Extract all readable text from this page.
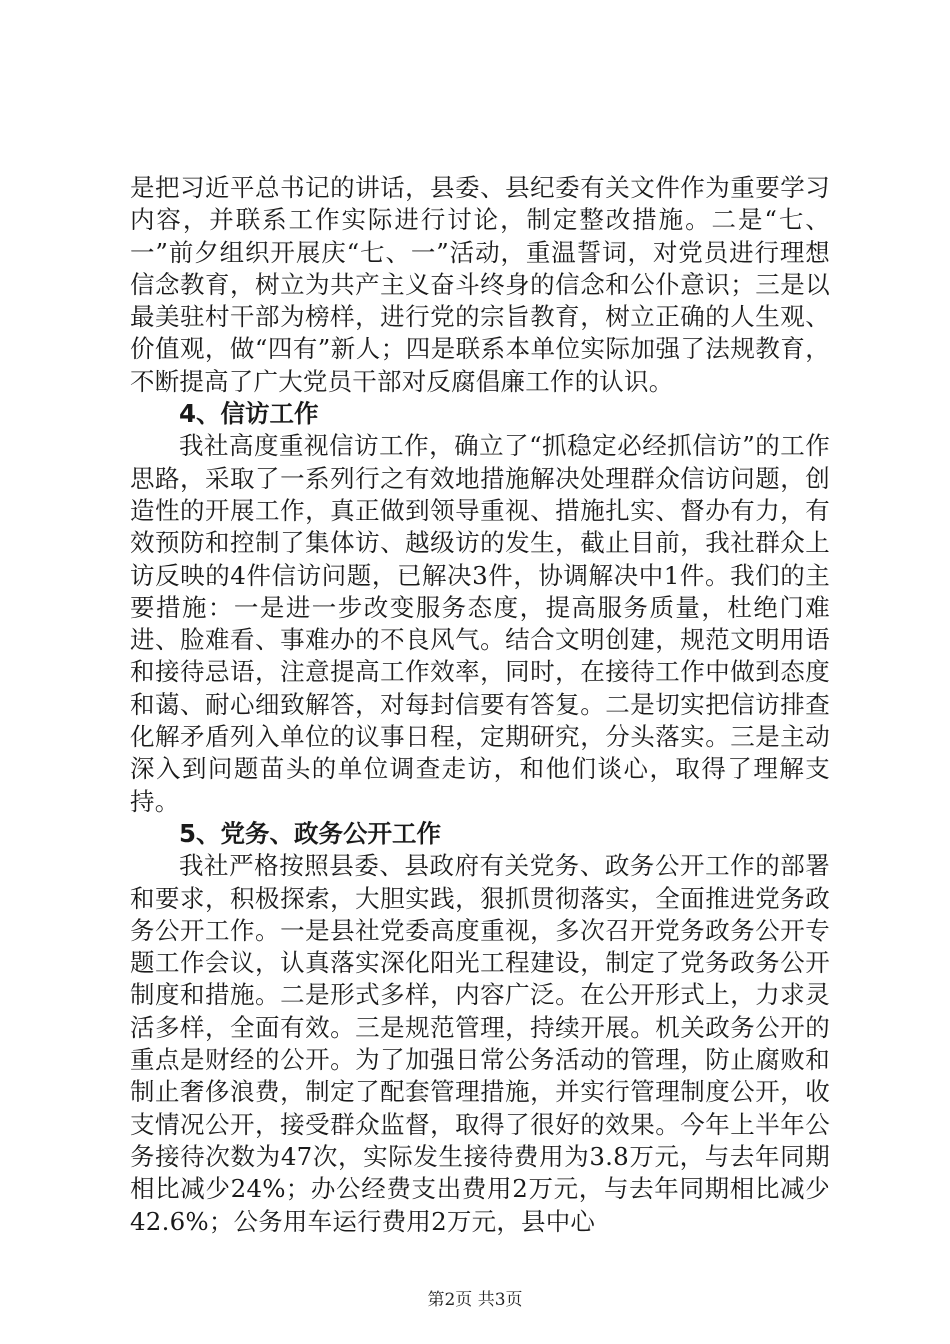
是把习近平总书记的讲话，县委、县纪委有关文件作为重要学习内容，并联系工作实际进行讨论，制定整改措施。二是“七、一”前夕组织开展庆“七、一”活动，重温誓词，对党员进行理想信念教育，树立为共产主义奋斗终身的信念和公仆意识；三是以最美驻村干部为榜样，进行党的宗旨教育，树立正确的人生观、价值观，做“四有”新人；四是联系本单位实际加强了法规教育，不断提高了广大党员干部对反腐倡廉工作的认识。

4、信访工作

我社高度重视信访工作，确立了“抓稳定必经抓信访”的工作思路，采取了一系列行之有效地措施解决处理群众信访问题，创造性的开展工作，真正做到领导重视、措施扎实、督办有力，有效预防和控制了集体访、越级访的发生，截止目前，我社群众上访反映的4件信访问题，已解决3件，协调解决中1件。我们的主要措施：一是进一步改变服务态度，提高服务质量，杜绝门难进、脸难看、事难办的不良风气。结合文明创建，规范文明用语和接待忌语，注意提高工作效率，同时，在接待工作中做到态度和蔼、耐心细致解答，对每封信要有答复。二是切实把信访排查化解矛盾列入单位的议事日程，定期研究，分头落实。三是主动深入到问题苗头的单位调查走访，和他们谈心，取得了理解支持。

5、党务、政务公开工作

我社严格按照县委、县政府有关党务、政务公开工作的部署和要求，积极探索，大胆实践，狠抓贯彻落实，全面推进党务政务公开工作。一是县社党委高度重视，多次召开党务政务公开专题工作会议，认真落实深化阳光工程建设，制定了党务政务公开制度和措施。二是形式多样，内容广泛。在公开形式上，力求灵活多样，全面有效。三是规范管理，持续开展。机关政务公开的重点是财经的公开。为了加强日常公务活动的管理，防止腐败和制止奢侈浪费，制定了配套管理措施，并实行管理制度公开，收支情况公开，接受群众监督，取得了很好的效果。今年上半年公务接待次数为47次，实际发生接待费用为3.8万元，与去年同期相比减少24%；办公经费支出费用2万元，与去年同期相比减少42.6%；公务用车运行费用2万元，县中心

第2页 共3页
